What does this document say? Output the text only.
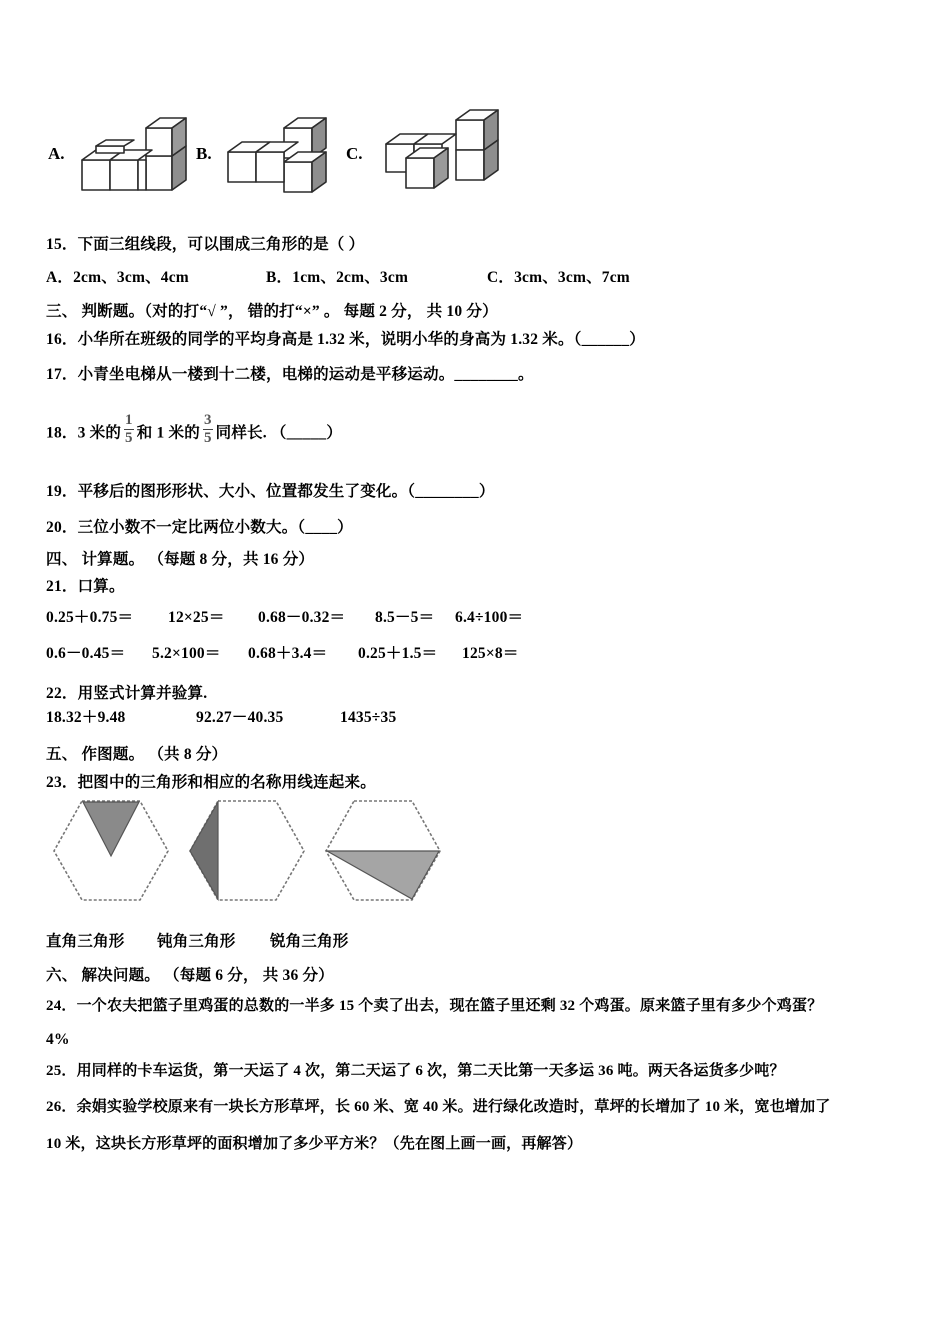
A.	B.	C.
15．下面三组线段，可以围成三角形的是（ ）
A．2cm、3cm、4cm	B．1cm、2cm、3cm	C．3cm、3cm、7cm
三、 判断题。（对的打“√ ”， 错的打“×” 。 每题 2 分， 共 10 分）
16．小华所在班级的同学的平均身高是 1.32 米，说明小华的身高为 1.32 米。（______）
17．小青坐电梯从一楼到十二楼，电梯的运动是平移运动。________。
18．3 米的 $\frac{1}{5}$ 和 1 米的 $\frac{3}{5}$ 同样长. （_____）
19．平移后的图形形状、大小、位置都发生了变化。（________）
20．三位小数不一定比两位小数大。（____）
四、 计算题。 （每题 8 分，共 16 分）
21．口算。
0.25＋0.75＝ 12×25＝ 0.68－0.32＝ 8.5－5＝ 6.4÷100＝
0.6－0.45＝ 5.2×100＝ 0.68＋3.4＝ 0.25＋1.5＝ 125×8＝
22．用竖式计算并验算.
18.32＋9.48	92.27－40.35	1435÷35
五、 作图题。 （共 8 分）
23．把图中的三角形和相应的名称用线连起来。
直角三角形 钝角三角形 锐角三角形
六、 解决问题。 （每题 6 分， 共 36 分）
24．一个农夫把篮子里鸡蛋的总数的一半多 15 个卖了出去，现在篮子里还剩 32 个鸡蛋。原来篮子里有多少个鸡蛋？
4%
25．用同样的卡车运货，第一天运了 4 次，第二天运了 6 次，第二天比第一天多运 36 吨。两天各运货多少吨？
26．余娟实验学校原来有一块长方形草坪，长 60 米、宽 40 米。进行绿化改造时，草坪的长增加了 10 米，宽也增加了
10 米，这块长方形草坪的面积增加了多少平方米？（先在图上画一画，再解答）
